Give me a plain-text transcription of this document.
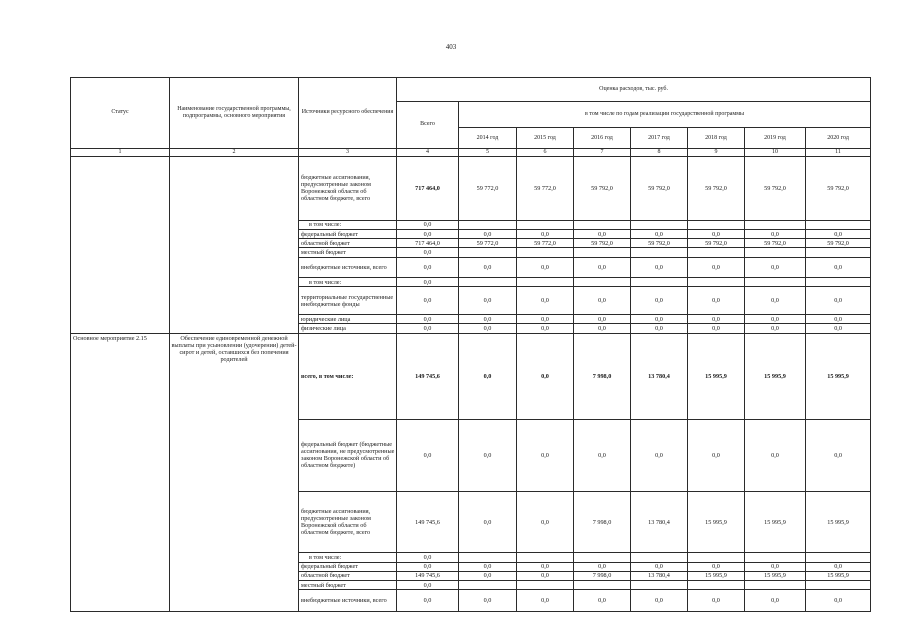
403
Статус	Наименование государственной программы, подпрограммы, основного мероприятия	Источники ресурсного обеспечения	Оценка расходов, тыс. руб.							
			Всего	в том числе по годам реализации государственной программы						
				2014 год	2015 год	2016 год	2017 год	2018 год	2019 год	2020 год
1	2	3	4	5	6	7	8	9	10	11
		бюджетные ассигнования, предусмотренные законом Воронежской области об областном бюджете, всего	717 464,0	59 772,0	59 772,0	59 792,0	59 792,0	59 792,0	59 792,0	59 792,0
		в том числе:	0,0							
		федеральный бюджет	0,0	0,0	0,0	0,0	0,0	0,0	0,0	0,0
		областной бюджет	717 464,0	59 772,0	59 772,0	59 792,0	59 792,0	59 792,0	59 792,0	59 792,0
		местный бюджет	0,0							
		внебюджетные источники, всего	0,0	0,0	0,0	0,0	0,0	0,0	0,0	0,0
		в том числе:	0,0							
		территориальные государственные внебюджетные фонды	0,0	0,0	0,0	0,0	0,0	0,0	0,0	0,0
		юридические лица	0,0	0,0	0,0	0,0	0,0	0,0	0,0	0,0
		физические лица	0,0	0,0	0,0	0,0	0,0	0,0	0,0	0,0
Основное мероприятие 2.15	Обеспечение единовременной денежной выплаты при усыновлении (удочерении) детей-сирот и детей, оставшихся без попечения родителей	всего, в том числе:	149 745,6	0,0	0,0	7 998,0	13 780,4	15 995,9	15 995,9	15 995,9
		федеральный бюджет (бюджетные ассигнования, не предусмотренные законом Воронежской области об областном бюджете)	0,0	0,0	0,0	0,0	0,0	0,0	0,0	0,0
		бюджетные ассигнования, предусмотренные законом Воронежской области об областном бюджете, всего	149 745,6	0,0	0,0	7 998,0	13 780,4	15 995,9	15 995,9	15 995,9
		в том числе:	0,0							
		федеральный бюджет	0,0	0,0	0,0	0,0	0,0	0,0	0,0	0,0
		областной бюджет	149 745,6	0,0	0,0	7 998,0	13 780,4	15 995,9	15 995,9	15 995,9
		местный бюджет	0,0							
		внебюджетные источники, всего	0,0	0,0	0,0	0,0	0,0	0,0	0,0	0,0
